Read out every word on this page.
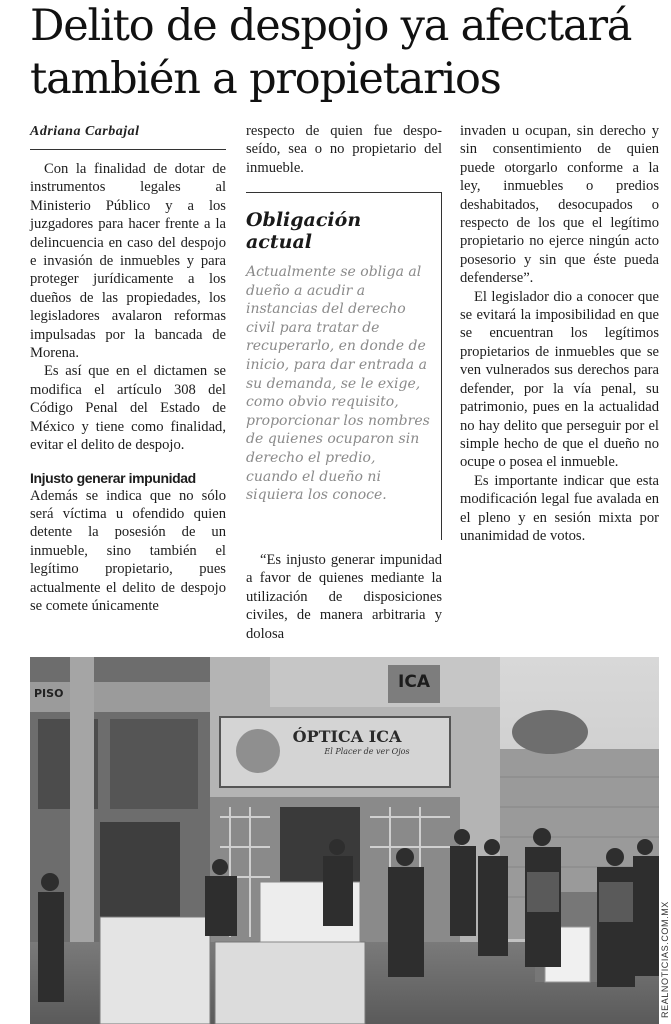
Delito de despojo ya afectará
también a propietarios
Adriana Carbajal

Con la finalidad de dotar de instrumentos legales al Ministerio Público y a los juzgadores para hacer frente a la delincuencia en caso del despojo e invasión de inmuebles y para proteger jurídicamente a los dueños de las propiedades, los legisladores avalaron reformas impulsadas por la bancada de Morena.

Es así que en el dictamen se modifica el artículo 308 del Código Penal del Estado de México y tiene como finalidad, evitar el delito de despojo.

Injusto generar impunidad

Además se indica que no sólo será víctima u ofendido quien detente la posesión de un inmueble, sino también el legítimo propietario, pues actualmente el delito de despojo se comete únicamente

respecto de quien fue desposeído, sea o no propietario del inmueble.

Obligación actual
Actualmente se obliga al dueño a acudir a instancias del derecho civil para tratar de recuperarlo, en donde de inicio, para dar entrada a su demanda, se le exige, como obvio requisito, proporcionar los nombres de quienes ocuparon sin derecho el predio, cuando el dueño ni siquiera los conoce.

“Es injusto generar impunidad a favor de quienes mediante la utilización de disposiciones civiles, de manera arbitraria y dolosa

invaden u ocupan, sin derecho y sin consentimiento de quien puede otorgarlo conforme a la ley, inmuebles o predios deshabitados, desocupados o respecto de los que el legítimo propietario no ejerce ningún acto posesorio y sin que éste pueda defenderse”.

El legislador dio a conocer que se evitará la imposibilidad en que se encuentran los legítimos propietarios de inmuebles que se ven vulnerados sus derechos para defender, por la vía penal, su patrimonio, pues en la actualidad no hay delito que perseguir por el simple hecho de que el dueño no ocupe o posea el inmueble.

Es importante indicar que esta modificación legal fue avalada en el pleno y en sesión mixta por unanimidad de votos.

ÓPTICA ICA
El Placer de ver Ojos
ICA
PISO
REALNOTICIAS.COM.MX
